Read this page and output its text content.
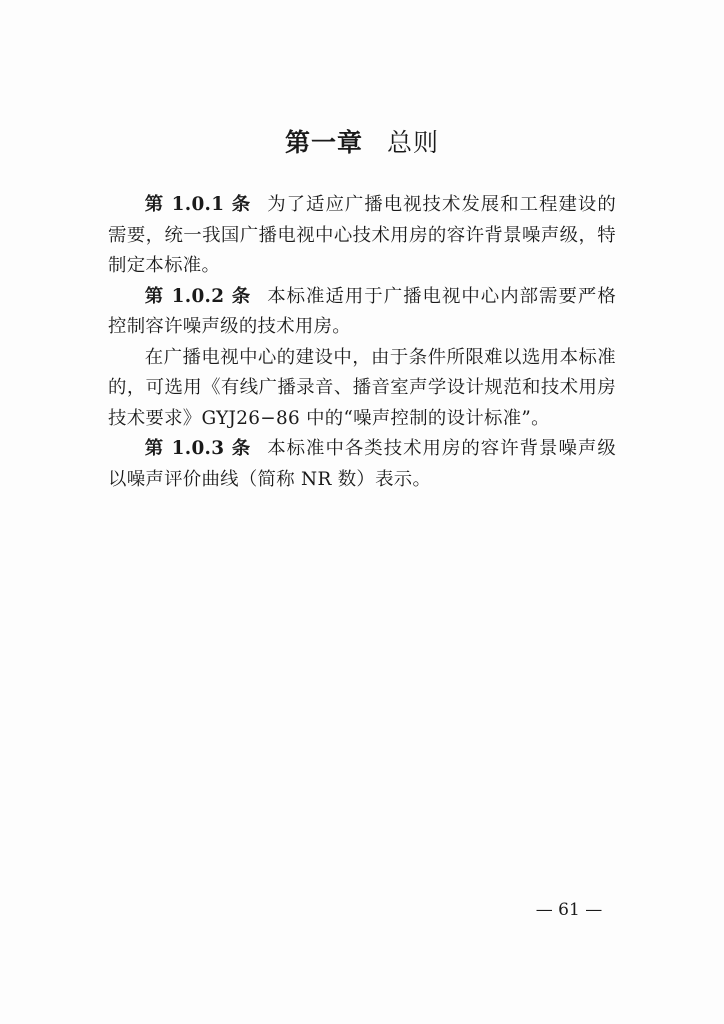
第一章 总则

第 1.0.1 条 为了适应广播电视技术发展和工程建设的需要，统一我国广播电视中心技术用房的容许背景噪声级，特制定本标准。

第 1.0.2 条 本标准适用于广播电视中心内部需要严格控制容许噪声级的技术用房。

在广播电视中心的建设中，由于条件所限难以选用本标准的，可选用《有线广播录音、播音室声学设计规范和技术用房技术要求》GYJ26−86 中的“噪声控制的设计标准”。

第 1.0.3 条 本标准中各类技术用房的容许背景噪声级以噪声评价曲线（简称 NR 数）表示。

— 61 —
